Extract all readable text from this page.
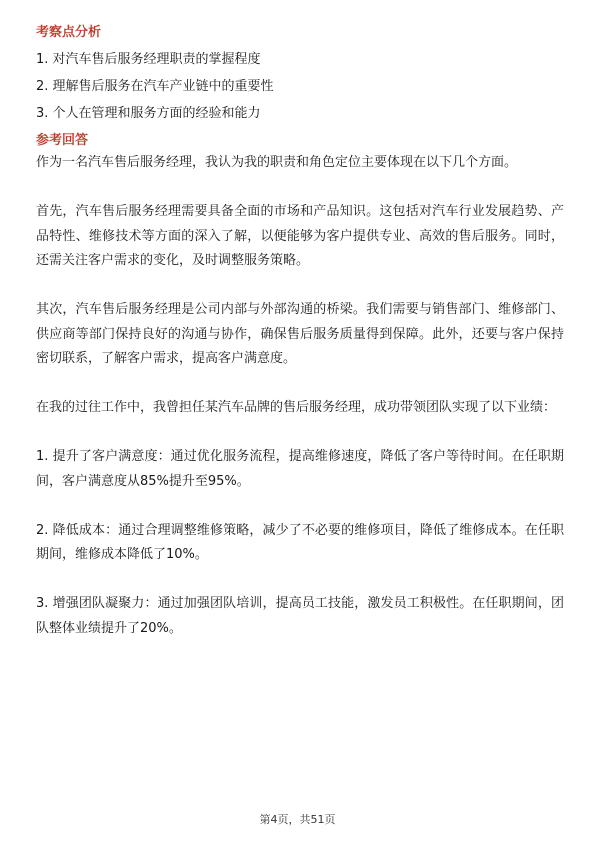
考察点分析
1. 对汽车售后服务经理职责的掌握程度
2. 理解售后服务在汽车产业链中的重要性
3. 个人在管理和服务方面的经验和能力
参考回答
作为一名汽车售后服务经理，我认为我的职责和角色定位主要体现在以下几个方面。
首先，汽车售后服务经理需要具备全面的市场和产品知识。这包括对汽车行业发展趋势、产品特性、维修技术等方面的深入了解，以便能够为客户提供专业、高效的售后服务。同时，还需关注客户需求的变化，及时调整服务策略。
其次，汽车售后服务经理是公司内部与外部沟通的桥梁。我们需要与销售部门、维修部门、供应商等部门保持良好的沟通与协作，确保售后服务质量得到保障。此外，还要与客户保持密切联系，了解客户需求，提高客户满意度。
在我的过往工作中，我曾担任某汽车品牌的售后服务经理，成功带领团队实现了以下业绩：
1. 提升了客户满意度：通过优化服务流程，提高维修速度，降低了客户等待时间。在任职期间，客户满意度从85%提升至95%。
2. 降低成本：通过合理调整维修策略，减少了不必要的维修项目，降低了维修成本。在任职期间，维修成本降低了10%。
3. 增强团队凝聚力：通过加强团队培训，提高员工技能，激发员工积极性。在任职期间，团队整体业绩提升了20%。
第4页，共51页
